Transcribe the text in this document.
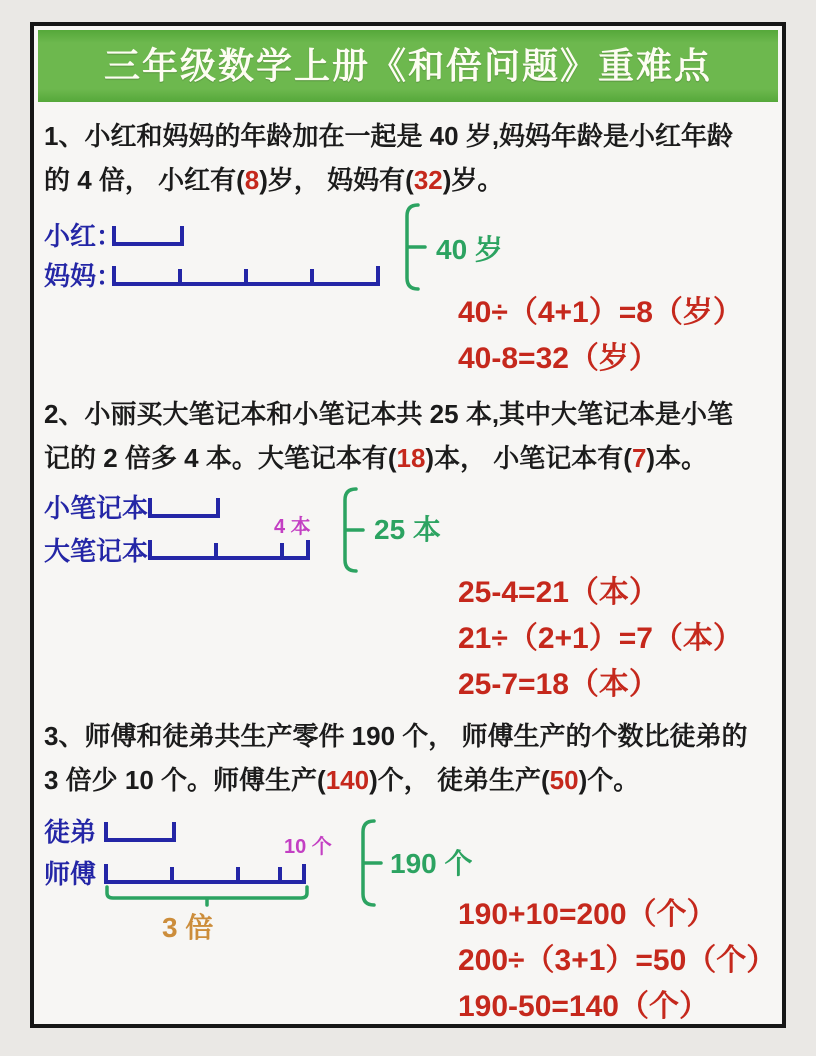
三年级数学上册《和倍问题》重难点
1、小红和妈妈的年龄加在一起是 40 岁,妈妈年龄是小红年龄
的 4 倍， 小红有(8)岁， 妈妈有(32)岁。
小红：
妈妈：
40 岁
40÷（4+1）=8（岁）
40-8=32（岁）
2、小丽买大笔记本和小笔记本共 25 本,其中大笔记本是小笔
记的 2 倍多 4 本。大笔记本有(18)本， 小笔记本有(7)本。
小笔记本
大笔记本
4 本 25 本
25-4=21（本）
21÷（2+1）=7（本）
25-7=18（本）
3、师傅和徒弟共生产零件 190 个， 师傅生产的个数比徒弟的
3 倍少 10 个。师傅生产(140)个， 徒弟生产(50)个。
徒弟
师傅
10 个
3 倍
190 个
190+10=200（个）
200÷（3+1）=50（个）
190-50=140（个）
